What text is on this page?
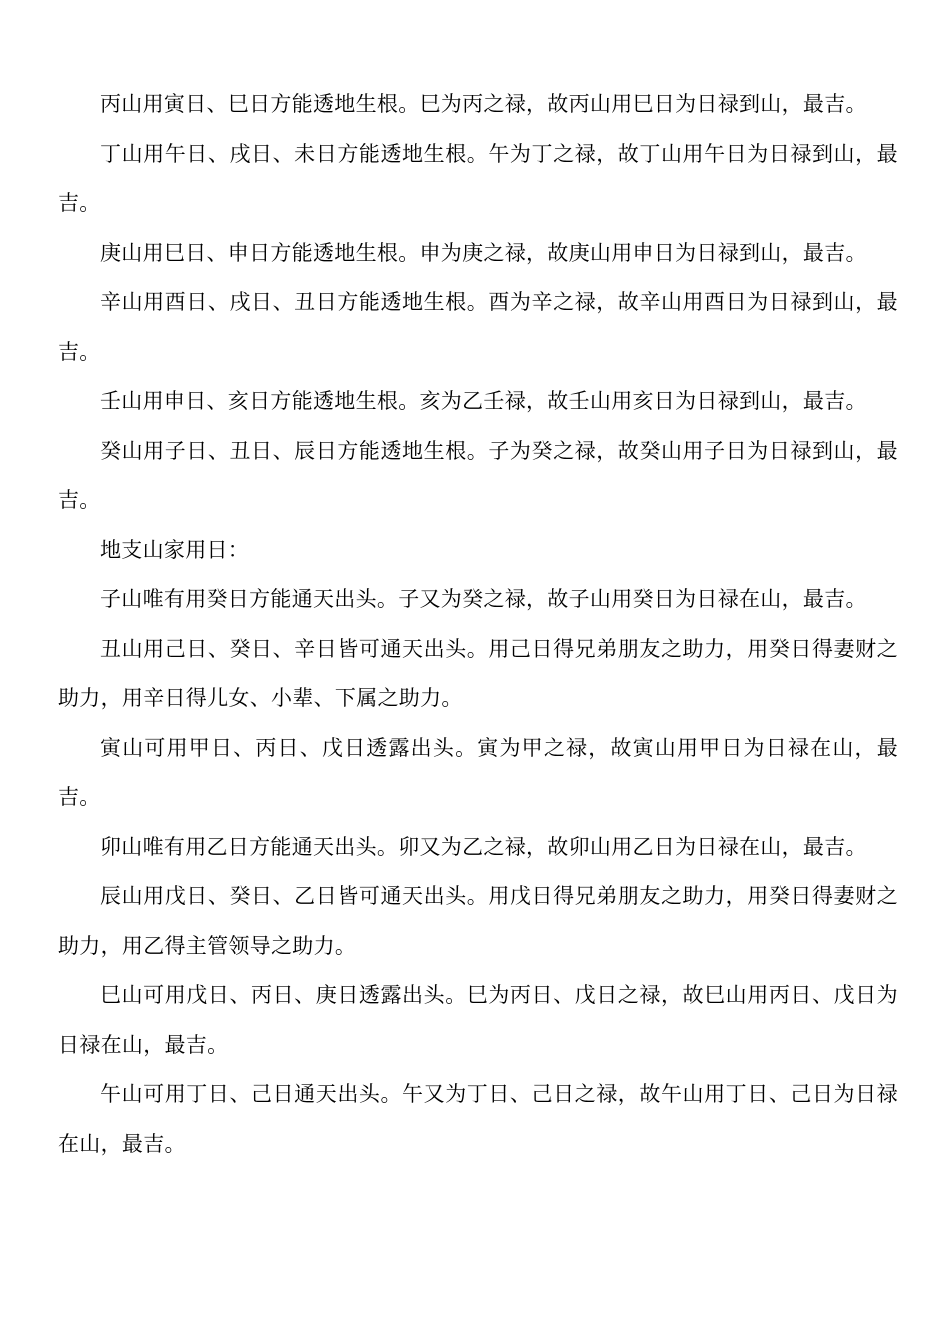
丙山用寅日、巳日方能透地生根。巳为丙之禄，故丙山用巳日为日禄到山，最吉。

丁山用午日、戌日、未日方能透地生根。午为丁之禄，故丁山用午日为日禄到山，最吉。

庚山用巳日、申日方能透地生根。申为庚之禄，故庚山用申日为日禄到山，最吉。

辛山用酉日、戌日、丑日方能透地生根。酉为辛之禄，故辛山用酉日为日禄到山，最吉。

壬山用申日、亥日方能透地生根。亥为乙壬禄，故壬山用亥日为日禄到山，最吉。

癸山用子日、丑日、辰日方能透地生根。子为癸之禄，故癸山用子日为日禄到山，最吉。

地支山家用日：

子山唯有用癸日方能通天出头。子又为癸之禄，故子山用癸日为日禄在山，最吉。

丑山用己日、癸日、辛日皆可通天出头。用己日得兄弟朋友之助力，用癸日得妻财之助力，用辛日得儿女、小辈、下属之助力。

寅山可用甲日、丙日、戊日透露出头。寅为甲之禄，故寅山用甲日为日禄在山，最吉。

卯山唯有用乙日方能通天出头。卯又为乙之禄，故卯山用乙日为日禄在山，最吉。

辰山用戊日、癸日、乙日皆可通天出头。用戊日得兄弟朋友之助力，用癸日得妻财之助力，用乙得主管领导之助力。

巳山可用戊日、丙日、庚日透露出头。巳为丙日、戊日之禄，故巳山用丙日、戊日为日禄在山，最吉。

午山可用丁日、己日通天出头。午又为丁日、己日之禄，故午山用丁日、己日为日禄在山，最吉。
